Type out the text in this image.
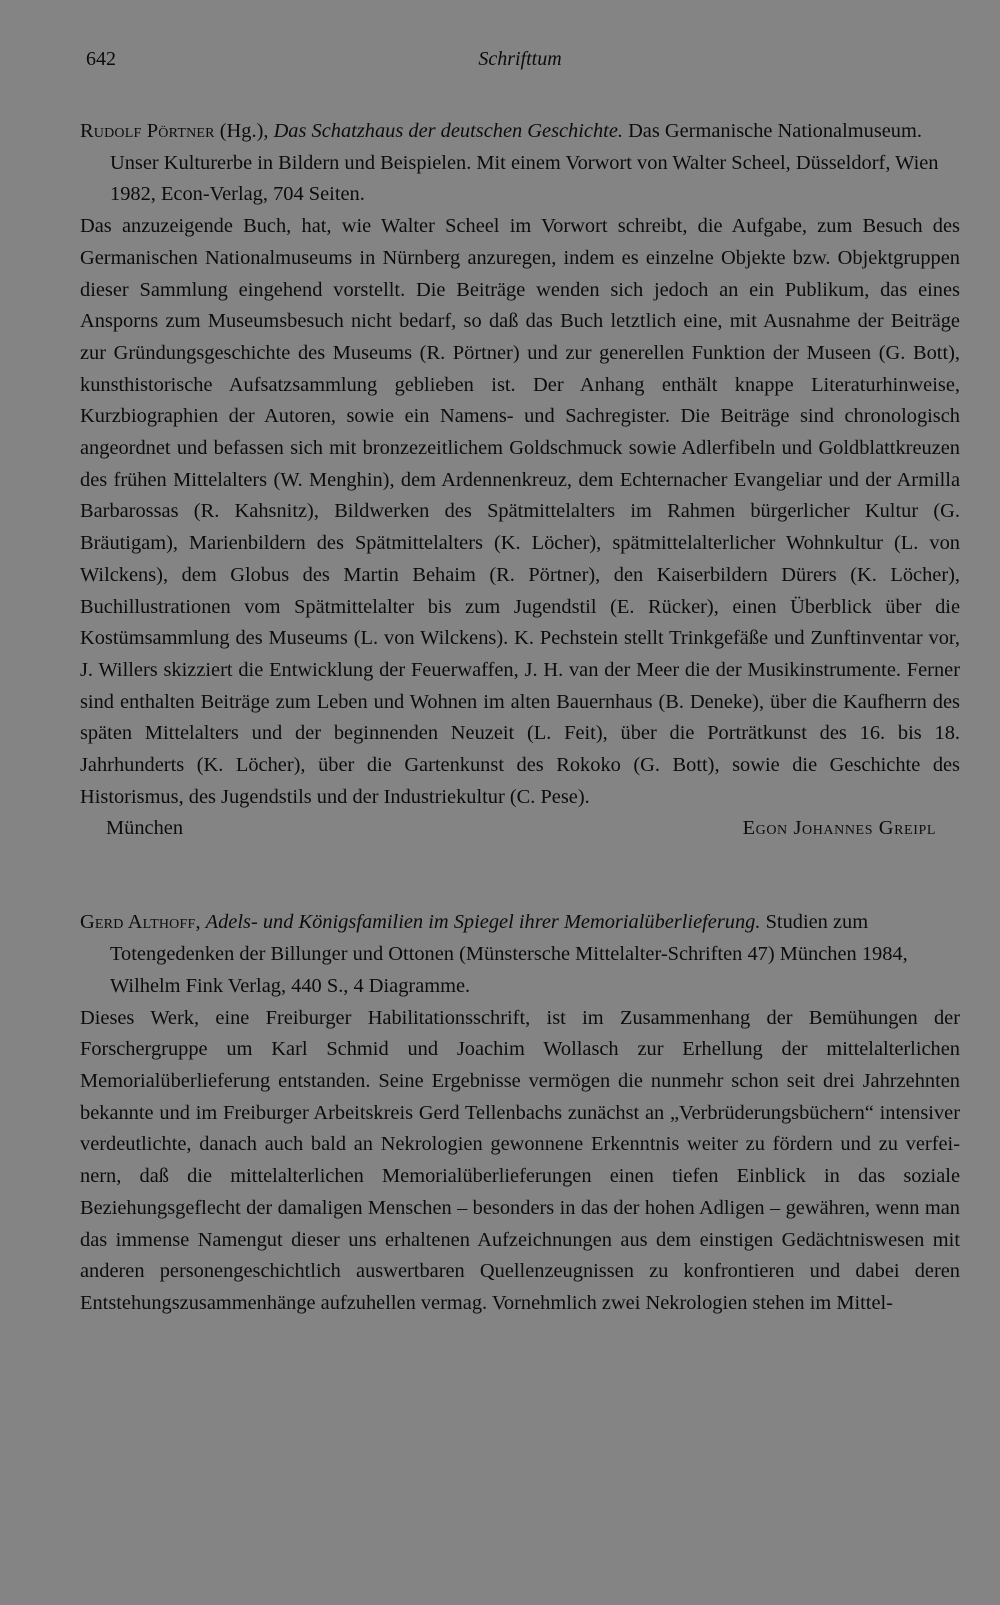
642	Schrifttum

Rudolf Pörtner (Hg.), Das Schatzhaus der deutschen Geschichte. Das Germanische Nationalmuseum. Unser Kulturerbe in Bildern und Beispielen. Mit einem Vorwort von Walter Scheel, Düsseldorf, Wien 1982, Econ-Verlag, 704 Seiten.

Das anzuzeigende Buch, hat, wie Walter Scheel im Vorwort schreibt, die Aufgabe, zum Besuch des Germanischen Nationalmuseums in Nürnberg anzuregen, indem es einzelne Objekte bzw. Objektgruppen dieser Sammlung eingehend vorstellt. Die Beiträge wenden sich jedoch an ein Publikum, das eines Ansporns zum Museumsbesuch nicht bedarf, so daß das Buch letztlich eine, mit Ausnahme der Beiträge zur Gründungsgeschichte des Museums (R. Pörtner) und zur generellen Funktion der Museen (G. Bott), kunsthistorische Aufsatzsammlung geblieben ist. Der Anhang enthält knappe Literaturhinweise, Kurzbiographien der Autoren, sowie ein Namens- und Sachregister. Die Beiträge sind chronologisch angeordnet und befassen sich mit bronzezeitlichem Goldschmuck sowie Adlerfibeln und Goldblattkreuzen des frühen Mittelalters (W. Menghin), dem Ardennenkreuz, dem Echternacher Evangeliar und der Armilla Barbarossas (R. Kahsnitz), Bildwerken des Spätmittelalters im Rahmen bürgerlicher Kultur (G. Bräutigam), Marienbildern des Spätmittelalters (K. Löcher), spätmittelalterlicher Wohnkultur (L. von Wilckens), dem Globus des Martin Behaim (R. Pörtner), den Kaiserbildern Dürers (K. Löcher), Buchillustrationen vom Spätmittelalter bis zum Jugendstil (E. Rücker), einen Überblick über die Kostümsammlung des Museums (L. von Wilckens). K. Pechstein stellt Trinkgefäße und Zunftinventar vor, J. Willers skizziert die Entwicklung der Feuerwaffen, J. H. van der Meer die der Musikinstrumente. Ferner sind enthalten Beiträge zum Leben und Wohnen im alten Bauernhaus (B. Deneke), über die Kaufherrn des späten Mittelalters und der beginnenden Neuzeit (L. Feit), über die Porträtkunst des 16. bis 18. Jahrhunderts (K. Löcher), über die Gartenkunst des Rokoko (G. Bott), sowie die Geschichte des Historismus, des Jugendstils und der Industriekultur (C. Pese).

München	Egon Johannes Greipl

Gerd Althoff, Adels- und Königsfamilien im Spiegel ihrer Memorialüberlieferung. Studien zum Totengedenken der Billunger und Ottonen (Münstersche Mittelalter-Schriften 47) München 1984, Wilhelm Fink Verlag, 440 S., 4 Diagramme.

Dieses Werk, eine Freiburger Habilitationsschrift, ist im Zusammenhang der Bemühungen der Forschergruppe um Karl Schmid und Joachim Wollasch zur Erhellung der mittelalterlichen Memorialüberlieferung entstanden. Seine Ergebnisse vermögen die nunmehr schon seit drei Jahrzehnten bekannte und im Freiburger Arbeitskreis Gerd Tellenbachs zunächst an „Verbrüderungsbüchern“ intensiver verdeutlichte, danach auch bald an Nekrologien gewonnene Erkenntnis weiter zu fördern und zu verfeinern, daß die mittelalterlichen Memorialüberlieferungen einen tiefen Einblick in das soziale Beziehungsgeflecht der damaligen Menschen – besonders in das der hohen Adligen – gewähren, wenn man das immense Namengut dieser uns erhaltenen Aufzeichnungen aus dem einstigen Gedächtniswesen mit anderen personengeschichtlich auswertbaren Quellenzeugnissen zu konfrontieren und dabei deren Entstehungszusammenhänge aufzuhellen vermag. Vornehmlich zwei Nekrologien stehen im Mittel-
